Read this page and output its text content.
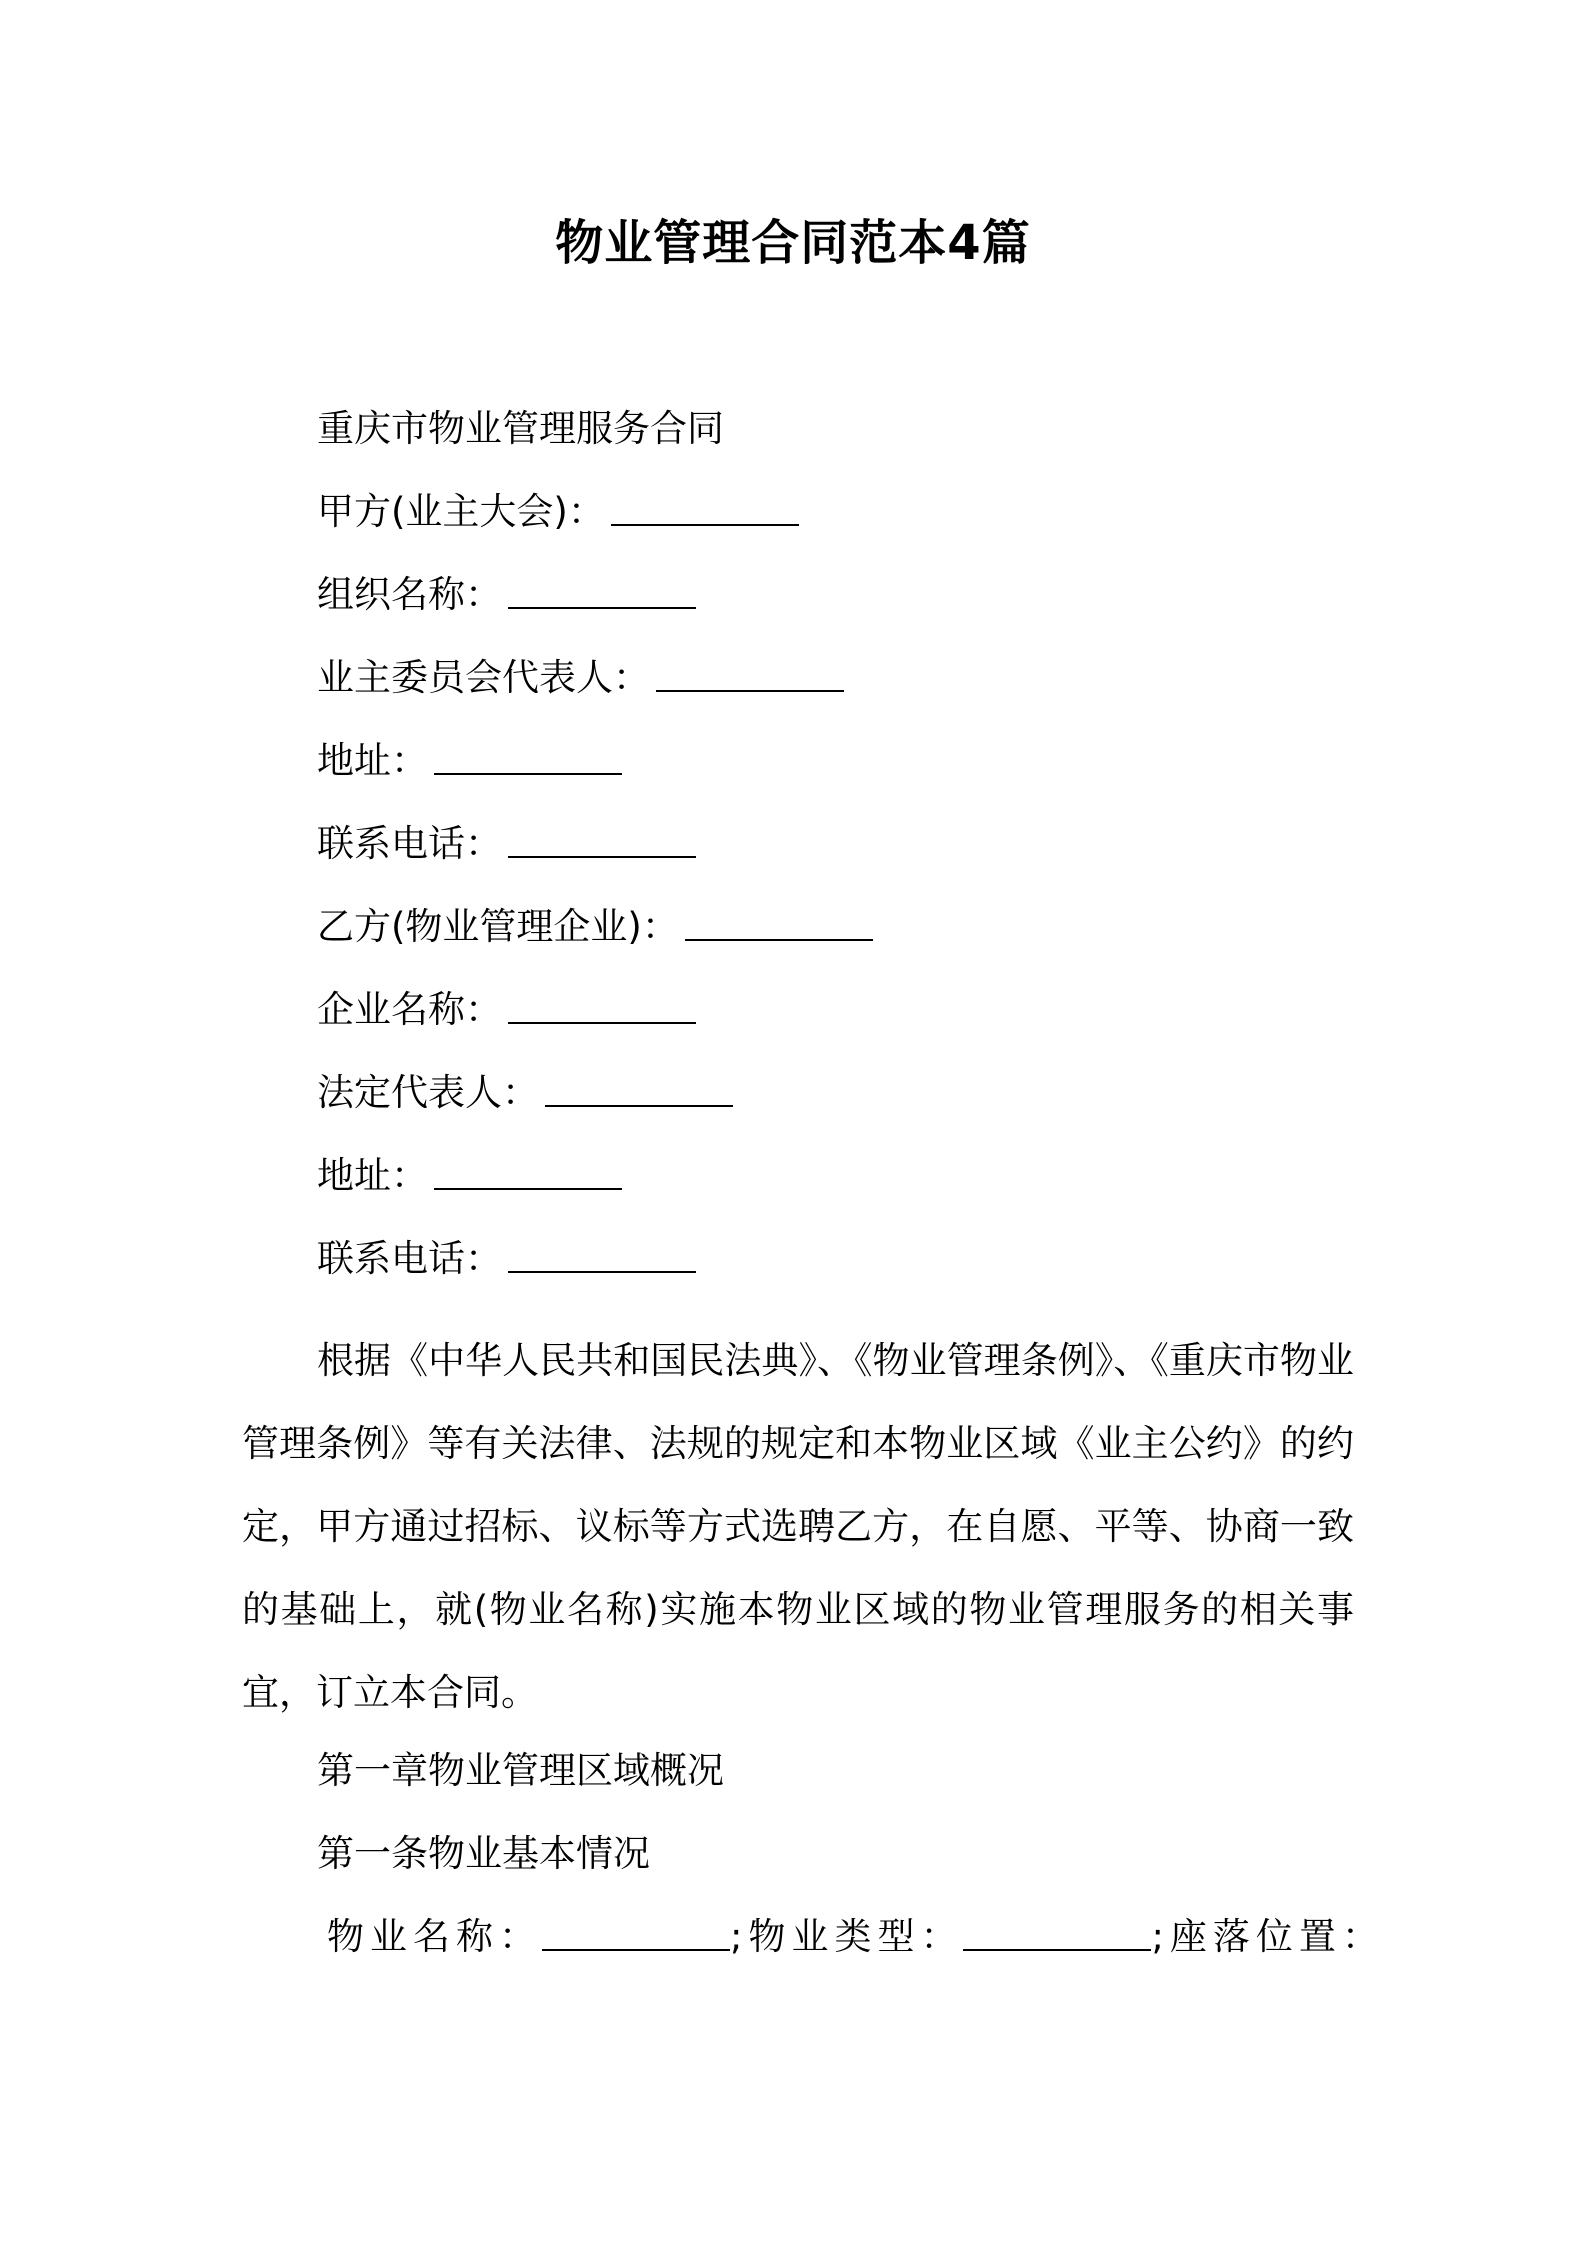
物业管理合同范本4篇
重庆市物业管理服务合同
甲方(业主大会)：
组织名称：
业主委员会代表人：
地址：
联系电话：
乙方(物业管理企业)：
企业名称：
法定代表人：
地址：
联系电话：
根据《中华人民共和国民法典》、《物业管理条例》、《重庆市物业管理条例》等有关法律、法规的规定和本物业区域《业主公约》的约定，甲方通过招标、议标等方式选聘乙方，在自愿、平等、协商一致的基础上，就(物业名称)实施本物业区域的物业管理服务的相关事宜，订立本合同。
第一章物业管理区域概况
第一条物业基本情况
物业名称：	;物业类型：	;座落位置：
